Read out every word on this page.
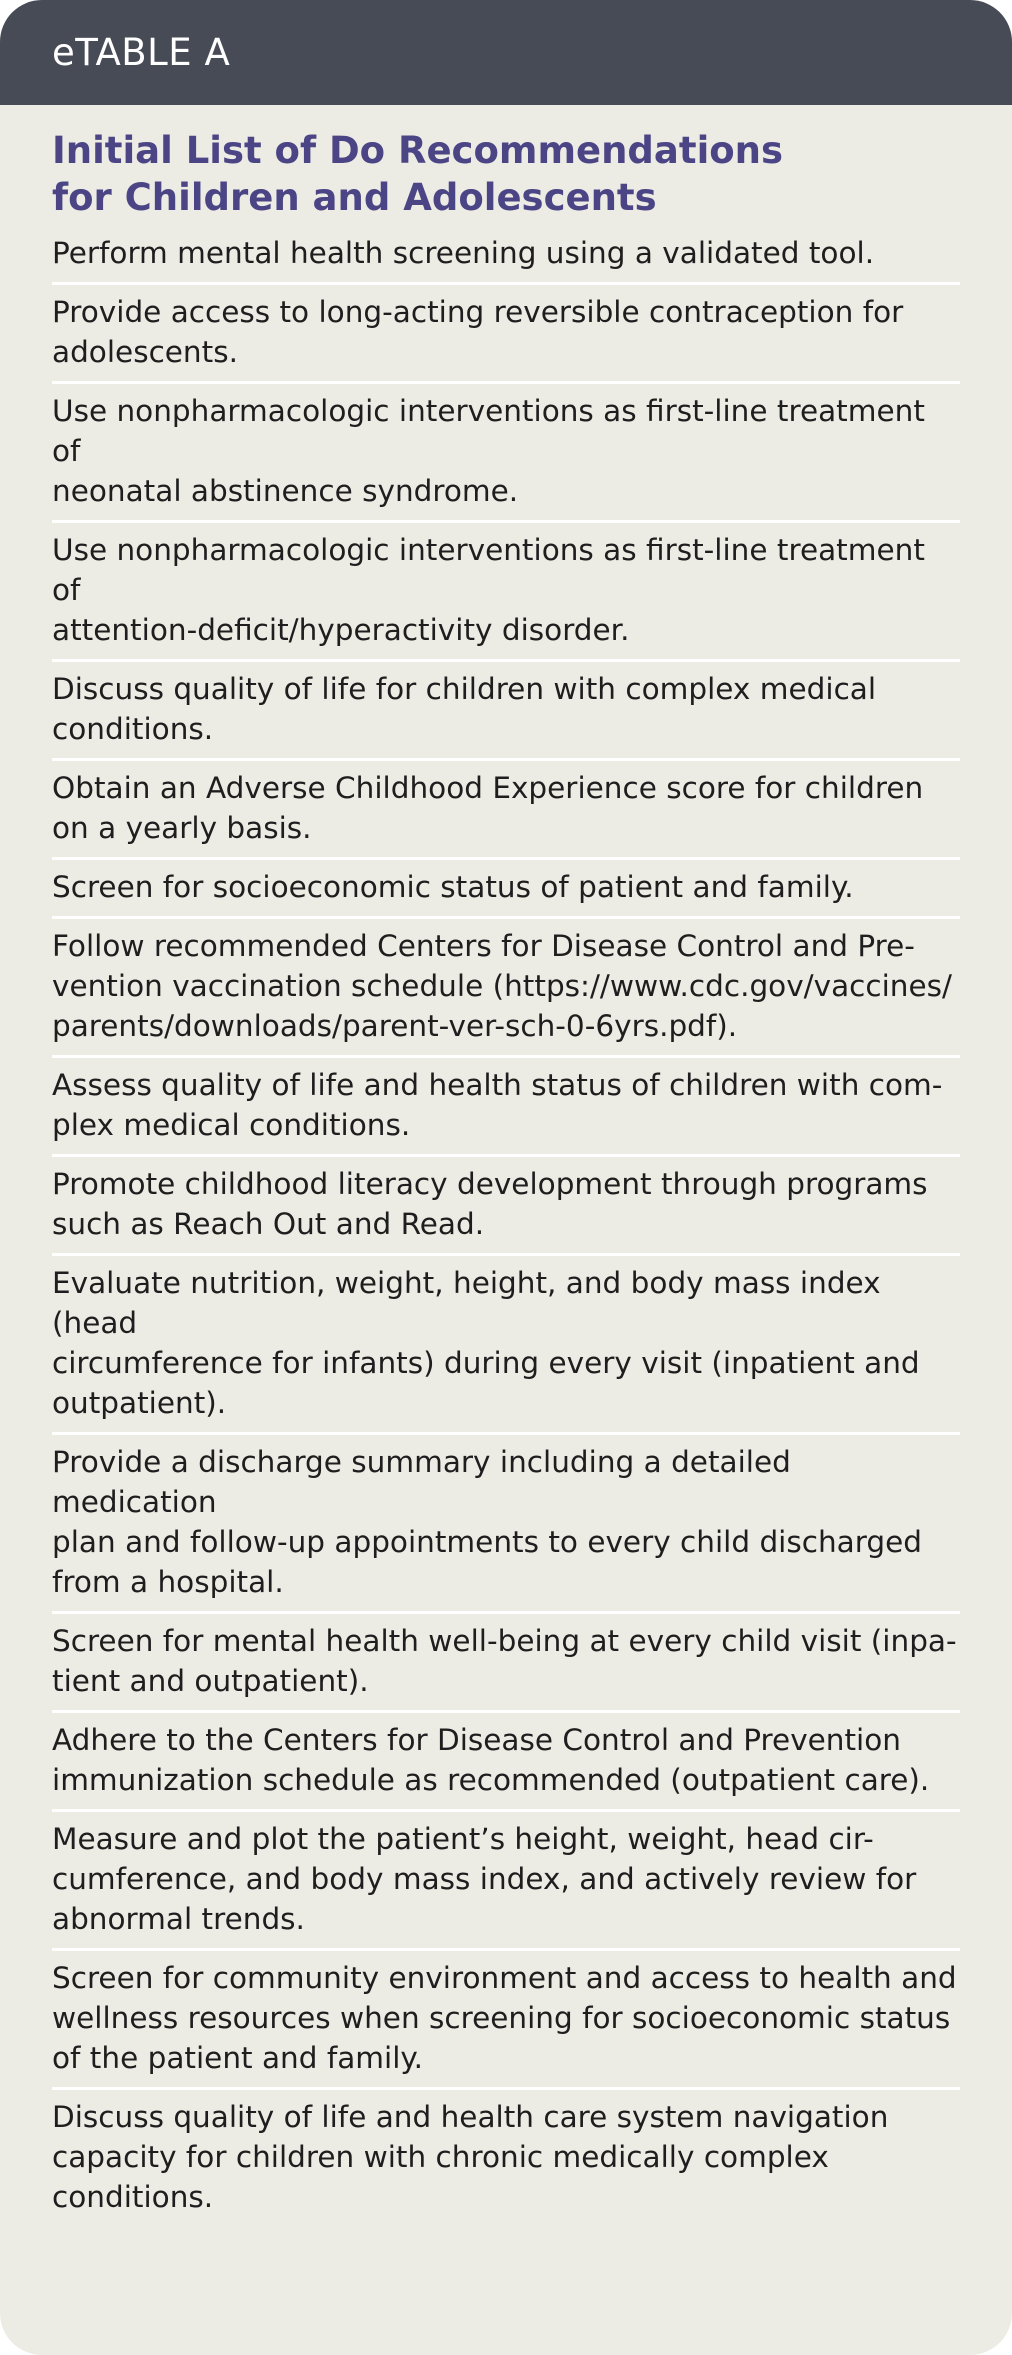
eTABLE A
Initial List of Do Recommendations
for Children and Adolescents
Perform mental health screening using a validated tool.
Provide access to long-acting reversible contraception for
adolescents.
Use nonpharmacologic interventions as first-line treatment of
neonatal abstinence syndrome.
Use nonpharmacologic interventions as first-line treatment of
attention-deficit/hyperactivity disorder.
Discuss quality of life for children with complex medical
conditions.
Obtain an Adverse Childhood Experience score for children
on a yearly basis.
Screen for socioeconomic status of patient and family.
Follow recommended Centers for Disease Control and Pre-
vention vaccination schedule (https://www.cdc.gov/vaccines/
parents/downloads/parent-ver-sch-0-6yrs.pdf).
Assess quality of life and health status of children with com-
plex medical conditions.
Promote childhood literacy development through programs
such as Reach Out and Read.
Evaluate nutrition, weight, height, and body mass index (head
circumference for infants) during every visit (inpatient and
outpatient).
Provide a discharge summary including a detailed medication
plan and follow-up appointments to every child discharged
from a hospital.
Screen for mental health well-being at every child visit (inpa-
tient and outpatient).
Adhere to the Centers for Disease Control and Prevention
immunization schedule as recommended (outpatient care).
Measure and plot the patient’s height, weight, head cir-
cumference, and body mass index, and actively review for
abnormal trends.
Screen for community environment and access to health and
wellness resources when screening for socioeconomic status
of the patient and family.
Discuss quality of life and health care system navigation
capacity for children with chronic medically complex
conditions.
